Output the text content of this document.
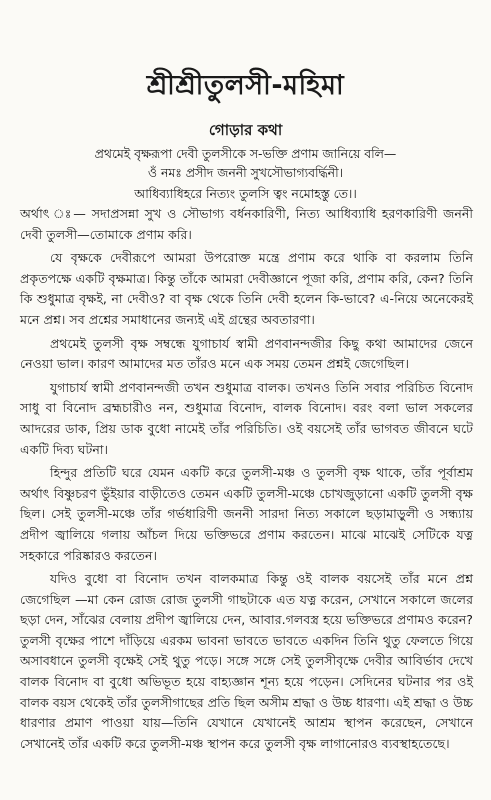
শ্রীশ্রীতুলসী-মহিমা
গোড়ার কথা
প্রথমেই বৃক্ষরূপা দেবী তুলসীকে স-ভক্তি প্রণাম জানিয়ে বলি—
ওঁ নমঃ প্রসীদ জননী সুখসৌভাগ্যবর্দ্ধিনী।
আধিব্যাধিহরে নিত্যং তুলসি ত্বং নমোহস্তু তে।।

অর্থাৎ ঃ— সদাপ্রসন্না সুখ ও সৌভাগ্য বর্ধনকারিণী, নিত্য আধিব্যাধি হরণকারিণী জননী দেবী তুলসী—তোমাকে প্রণাম করি।

যে বৃক্ষকে দেবীরূপে আমরা উপরোক্ত মন্ত্রে প্রণাম করে থাকি বা করলাম তিনি প্রকৃতপক্ষে একটি বৃক্ষমাত্র। কিন্তু তাঁকে আমরা দেবীজ্ঞানে পূজা করি, প্রণাম করি, কেন? তিনি কি শুধুমাত্র বৃক্ষই, না দেবীও? বা বৃক্ষ থেকে তিনি দেবী হলেন কি-ভাবে? এ-নিয়ে অনেকেরই মনে প্রশ্ন। সব প্রশ্নের সমাধানের জন্যই এই গ্রন্থের অবতারণা।

প্রথমেই তুলসী বৃক্ষ সম্বন্ধে যুগাচার্য স্বামী প্রণবানন্দজীর কিছু কথা আমাদের জেনে নেওয়া ভাল। কারণ আমাদের মত তাঁরও মনে এক সময় তেমন প্রশ্নই জেগেছিল।

যুগাচার্য স্বামী প্রণবানন্দজী তখন শুধুমাত্র বালক। তখনও তিনি সবার পরিচিত বিনোদ সাধু বা বিনোদ ব্রহ্মচারীও নন, শুধুমাত্র বিনোদ, বালক বিনোদ। বরং বলা ভাল সকলের আদরের ডাক, প্রিয় ডাক বুধো নামেই তাঁর পরিচিতি। ওই বয়সেই তাঁর ভাগবত জীবনে ঘটে একটি দিব্য ঘটনা।

হিন্দুর প্রতিটি ঘরে যেমন একটি করে তুলসী-মঞ্চ ও তুলসী বৃক্ষ থাকে, তাঁর পূর্বাশ্রম অর্থাৎ বিষ্ণুচরণ ভুঁইয়ার বাড়ীতেও তেমন একটি তুলসী-মঞ্চে চোখজুড়ানো একটি তুলসী বৃক্ষ ছিল। সেই তুলসী-মঞ্চে তাঁর গর্ভধারিণী জননী সারদা নিত্য সকালে ছড়ামাড়ুলী ও সন্ধ্যায় প্রদীপ জ্বালিয়ে গলায় আঁচল দিয়ে ভক্তিভরে প্রণাম করতেন। মাঝে মাঝেই সেটিকে যত্ন সহকারে পরিষ্কারও করতেন।

যদিও বুধো বা বিনোদ তখন বালকমাত্র কিন্তু ওই বালক বয়সেই তাঁর মনে প্রশ্ন জেগেছিল —মা কেন রোজ রোজ তুলসী গাছটাকে এত যত্ন করেন, সেখানে সকালে জলের ছড়া দেন, সাঁঝের বেলায় প্রদীপ জ্বালিয়ে দেন, আবার.গলবস্ত্র হয়ে ভক্তিভরে প্রণামও করেন? তুলসী বৃক্ষের পাশে দাঁড়িয়ে এরকম ভাবনা ভাবতে ভাবতে একদিন তিনি থুতু ফেলতে গিয়ে অসাবধানে তুলসী বৃক্ষেই সেই থুতু পড়ে। সঙ্গে সঙ্গে সেই তুলসীবৃক্ষে দেবীর আবির্ভাব দেখে বালক বিনোদ বা বুধো অভিভূত হয়ে বাহ্যজ্ঞান শূন্য হয়ে পড়েন। সেদিনের ঘটনার পর ওই বালক বয়স থেকেই তাঁর তুলসীগাছের প্রতি ছিল অসীম শ্রদ্ধা ও উচ্চ ধারণা। এই শ্রদ্ধা ও উচ্চ ধারণার প্রমাণ পাওয়া যায়—তিনি যেখানে যেখানেই আশ্রম স্থাপন করেছেন, সেখানে সেখানেই তাঁর একটি করে তুলসী-মঞ্চ স্থাপন করে তুলসী বৃক্ষ লাগানোরও ব্যবস্থাহতেছে।
